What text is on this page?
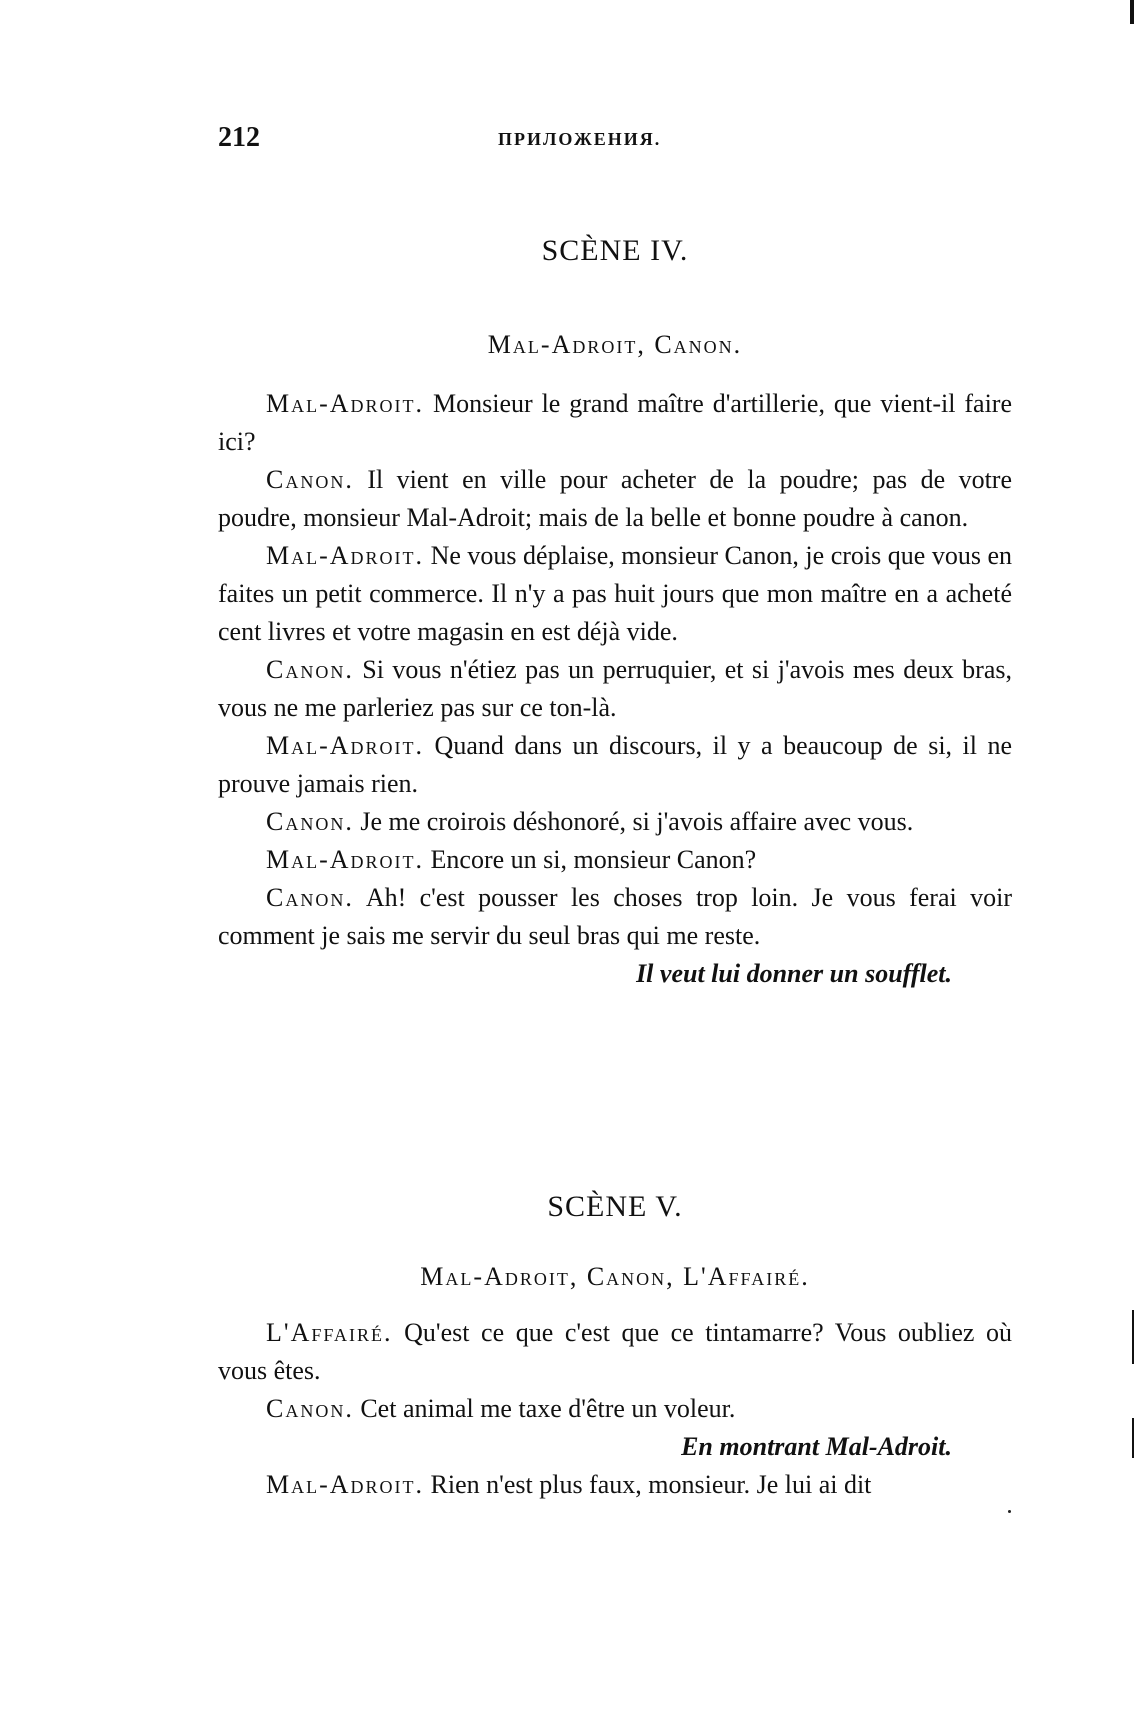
212	ПРИЛОЖЕНИЯ.
SCÈNE IV.
Mal-Adroit, Canon.

Mal-Adroit. Monsieur le grand maître d'artillerie, que vient-il faire ici?

Canon. Il vient en ville pour acheter de la poudre; pas de votre poudre, monsieur Mal-Adroit; mais de la belle et bonne poudre à canon.

Mal-Adroit. Ne vous déplaise, monsieur Canon, je crois que vous en faites un petit commerce. Il n'y a pas huit jours que mon maître en a acheté cent livres et votre magasin en est déjà vide.

Canon. Si vous n'étiez pas un perruquier, et si j'avois mes deux bras, vous ne me parleriez pas sur ce ton-là.

Mal-Adroit. Quand dans un discours, il y a beaucoup de si, il ne prouve jamais rien.

Canon. Je me croirois déshonoré, si j'avois affaire avec vous.

Mal-Adroit. Encore un si, monsieur Canon?

Canon. Ah! c'est pousser les choses trop loin. Je vous ferai voir comment je sais me servir du seul bras qui me reste.

Il veut lui donner un soufflet.

SCÈNE V.
Mal-Adroit, Canon, L'Affairé.

L'Affairé. Qu'est ce que c'est que ce tintamarre? Vous oubliez où vous êtes.

Canon. Cet animal me taxe d'être un voleur.

En montrant Mal-Adroit.

Mal-Adroit. Rien n'est plus faux, monsieur. Je lui ai dit
